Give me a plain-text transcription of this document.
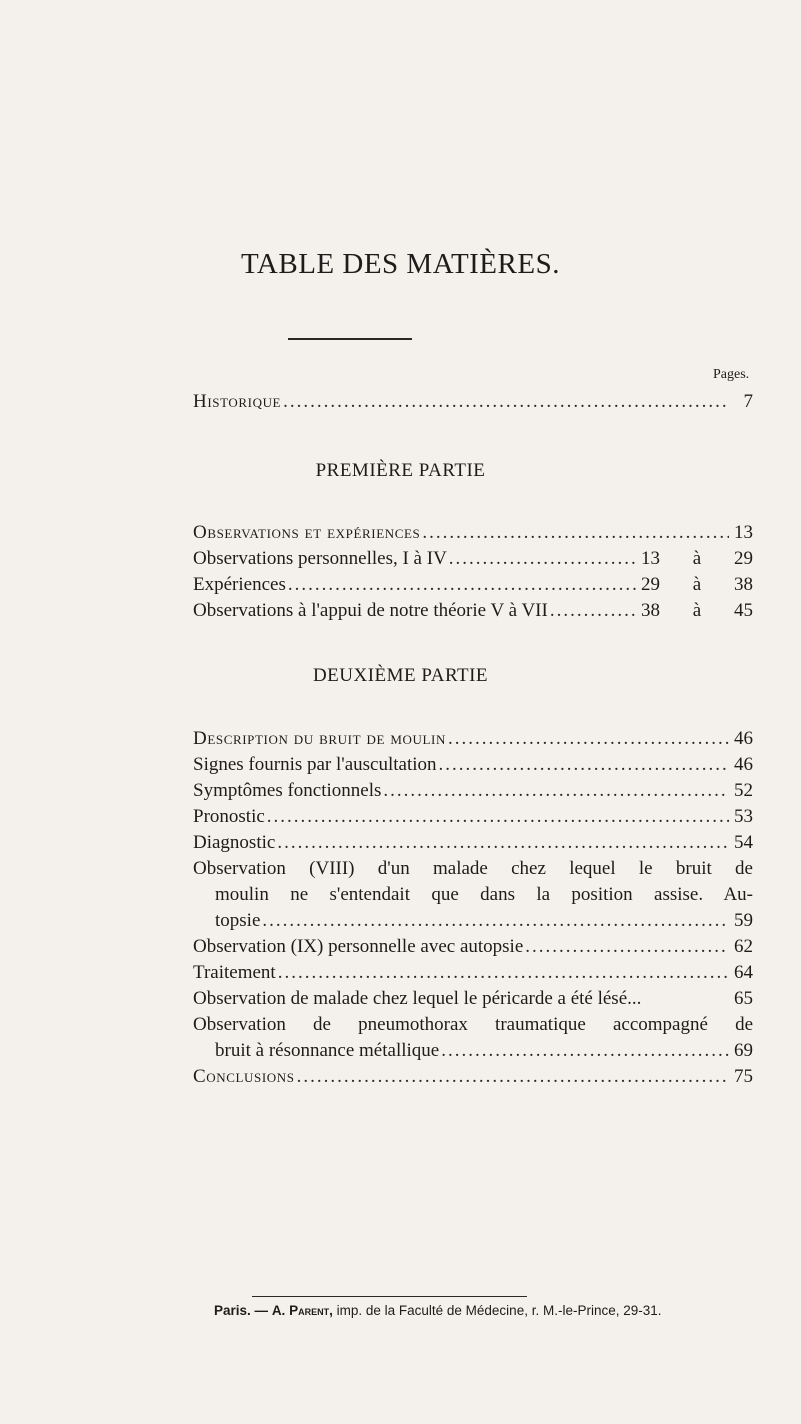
TABLE DES MATIÈRES.
Pages.
Historique .....	7
PREMIÈRE PARTIE
Observations et expériences .....	13
Observations personnelles, I à IV .....	13 à 29
Expériences .....	29 à 38
Observations à l'appui de notre théorie V à VII .....	38 à 45
DEUXIÈME PARTIE
Description du bruit de moulin .....	46
Signes fournis par l'auscultation .....	46
Symptômes fonctionnels .....	52
Pronostic .....	53
Diagnostic .....	54
Observation (VIII) d'un malade chez lequel le bruit de
moulin ne s'entendait que dans la position assise. Au-
topsie .....	59
Observation (IX) personnelle avec autopsie .....	62
Traitement .....	64
Observation de malade chez lequel le péricarde a été lésé...	65
Observation de pneumothorax traumatique accompagné de
bruit à résonnance métallique .....	69
Conclusions .....	75
Paris. — A. Parent, imp. de la Faculté de Médecine, r. M.-le-Prince, 29-31.
